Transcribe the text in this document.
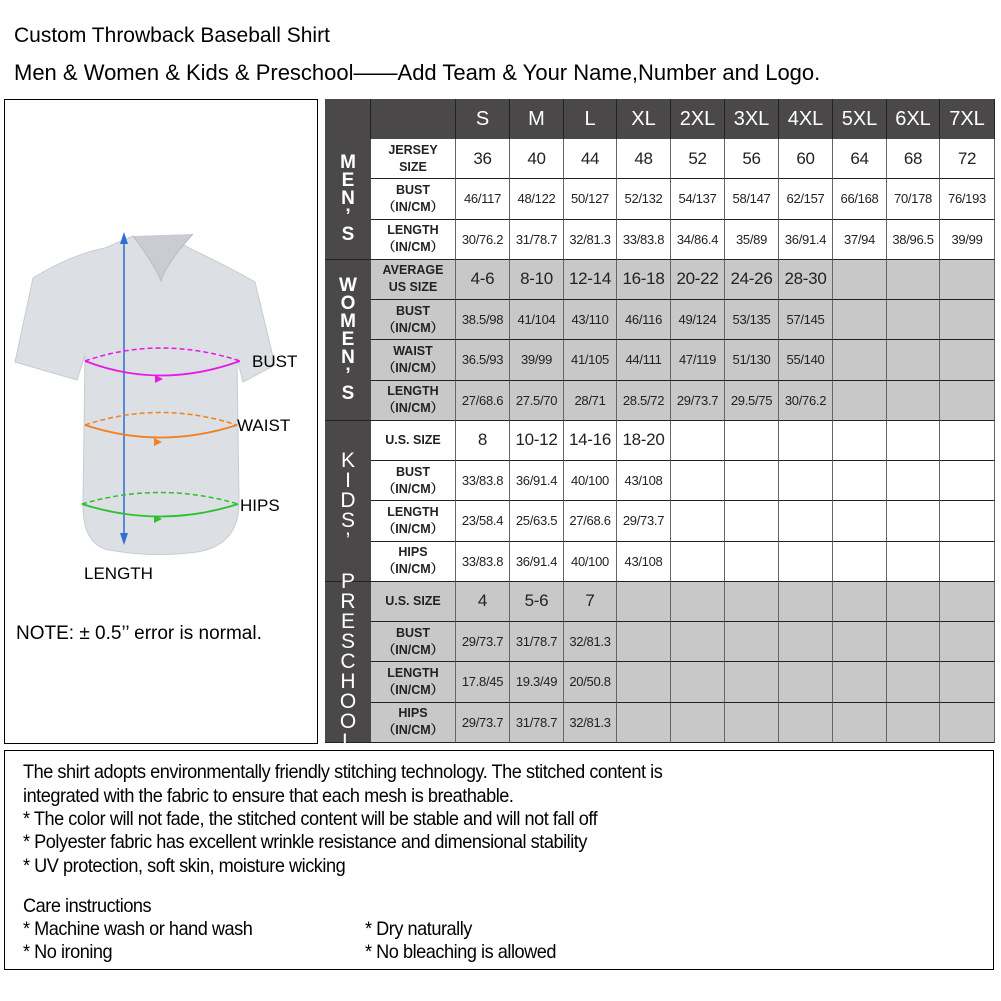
Custom Throwback Baseball Shirt
Men & Women & Kids & Preschool——Add Team & Your Name,Number and Logo.
BUST
WAIST
HIPS
LENGTH
NOTE: ± 0.5’’ error is normal.
S	M	L	XL	2XL 3XL 4XL 5XL 6XL 7XL
M
E
N
’
S
JERSEY
SIZE	36	40	44	48	52	56	60	64	68	72
BUST
（IN/CM）
46/117	48/122	50/127	52/132	54/137	58/147	62/157	66/168	70/178	76/193
LENGTH
（IN/CM）
30/76.2 31/78.7 32/81.3 33/83.8 34/86.4	35/89	36/91.4	37/94	38/96.5	39/99
W
O
M
E
N
’
S
AVERAGE
US SIZE	4-6	8-10 12-14 16-18 20-22 24-26 28-30
BUST
（IN/CM）
38.5/98	41/104	43/110	46/116	49/124	53/135	57/145
WAIST
（IN/CM）
36.5/93	39/99	41/105	44/111	47/119	51/130	55/140
LENGTH
（IN/CM）
27/68.6 27.5/70	28/71	28.5/72 29/73.7 29.5/75 30/76.2
K
I
D
S
’
U.S. SIZE	8	10-12 14-16 18-20
BUST
（IN/CM）
33/83.8 36/91.4	40/100	43/108
LENGTH
（IN/CM）
23/58.4 25/63.5 27/68.6 29/73.7
HIPS
（IN/CM）
33/83.8 36/91.4	40/100	43/108
P
R
E
S
C
H
O
O
L
U.S. SIZE	4	5-6	7
BUST
（IN/CM）
29/73.7 31/78.7 32/81.3
LENGTH
（IN/CM）
17.8/45 19.3/49 20/50.8
HIPS
（IN/CM）
29/73.7 31/78.7 32/81.3

The shirt adopts environmentally friendly stitching technology. The stitched content is

integrated with the fabric to ensure that each mesh is breathable.

* The color will not fade, the stitched content will be stable and will not fall off

* Polyester fabric has excellent wrinkle resistance and dimensional stability

* UV protection, soft skin, moisture wicking

Care instructions

* Machine wash or hand wash

* No ironing

* Dry naturally

* No bleaching is allowed
